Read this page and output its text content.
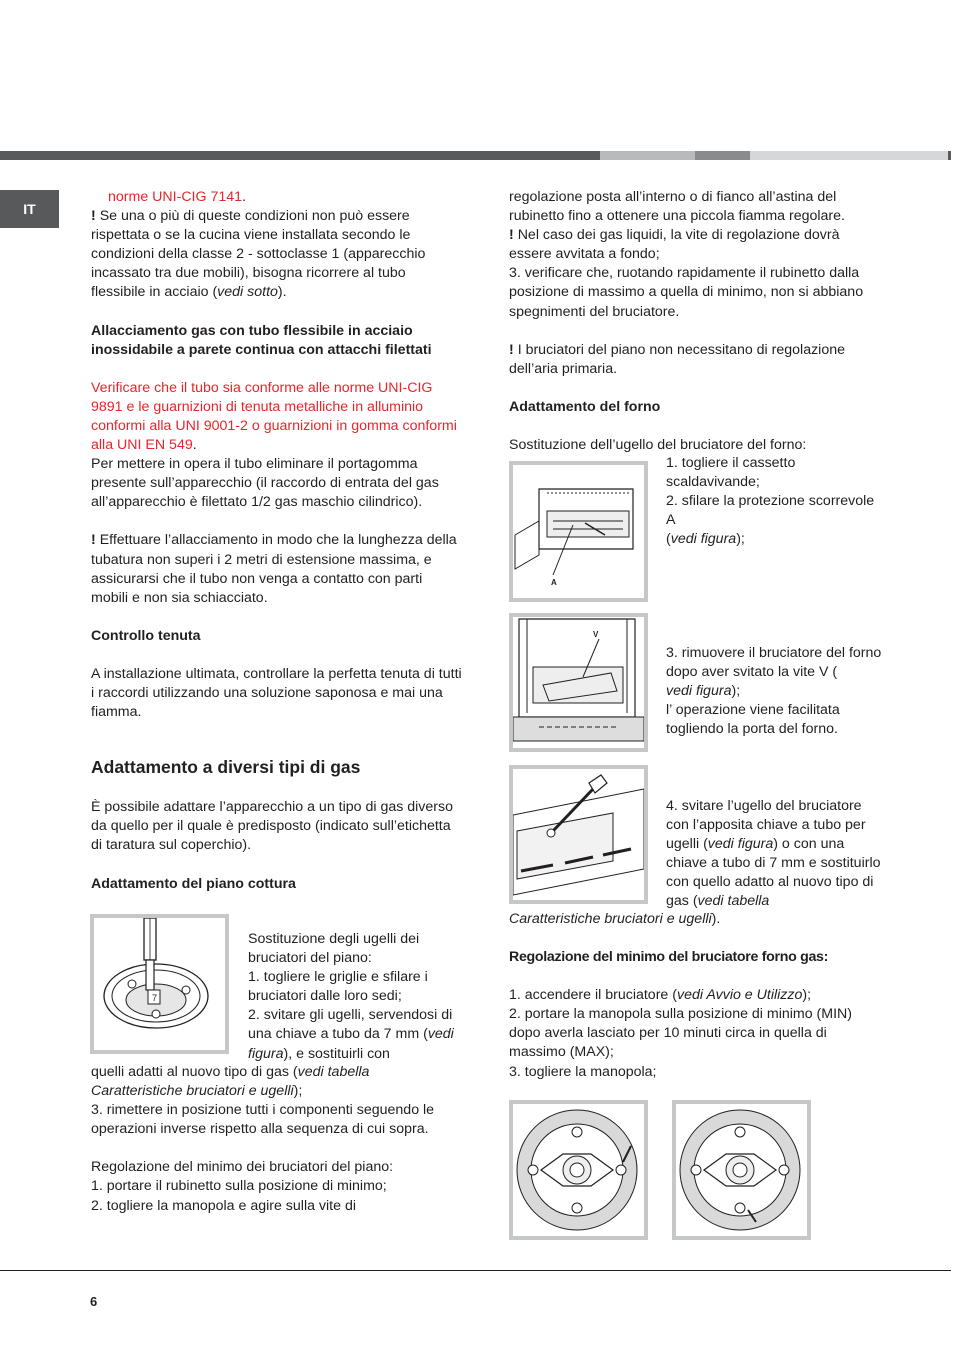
IT

norme UNI-CIG 7141.

! Se una o più di queste condizioni non può essere rispettata o se la cucina viene installata secondo le condizioni della classe 2 - sottoclasse 1 (apparecchio incassato tra due mobili), bisogna ricorrere al tubo flessibile in acciaio (vedi sotto).

Allacciamento gas con tubo flessibile in acciaio inossidabile a parete continua con attacchi filettati

Verificare che il tubo sia conforme alle norme UNI-CIG 9891 e le guarnizioni di tenuta metalliche in alluminio conformi alla UNI 9001-2 o guarnizioni in gomma conformi alla UNI EN 549.

Per mettere in opera il tubo eliminare il portagomma presente sull’apparecchio (il raccordo di entrata del gas all’apparecchio è filettato 1/2 gas maschio cilindrico).

! Effettuare l’allacciamento in modo che la lunghezza della tubatura non superi i 2 metri di estensione massima, e assicurarsi che il tubo non venga a contatto con parti mobili e non sia schiacciato.

Controllo tenuta

A installazione ultimata, controllare la perfetta tenuta di tutti i raccordi utilizzando una soluzione saponosa e mai una fiamma.

Adattamento a diversi tipi di gas

È possibile adattare l’apparecchio a un tipo di gas diverso da quello per il quale è predisposto (indicato sull’etichetta di taratura sul coperchio).

Adattamento del piano cottura

7

Sostituzione degli ugelli dei bruciatori del piano:

1. togliere le griglie e sfilare i bruciatori dalle loro sedi;

2. svitare gli ugelli, servendosi di una chiave a tubo da 7 mm (vedi figura), e sostituirli con

quelli adatti al nuovo tipo di gas (vedi tabella Caratteristiche bruciatori e ugelli);

3. rimettere in posizione tutti i componenti seguendo le operazioni inverse rispetto alla sequenza di cui sopra.

Regolazione del minimo dei bruciatori del piano:

1. portare il rubinetto sulla posizione di minimo;

2. togliere la manopola e agire sulla vite di

regolazione posta all’interno o di fianco all’astina del rubinetto fino a ottenere una piccola fiamma regolare.

! Nel caso dei gas liquidi, la vite di regolazione dovrà essere avvitata a fondo;

3. verificare che, ruotando rapidamente il rubinetto dalla posizione di massimo a quella di minimo, non si abbiano spegnimenti del bruciatore.

! I bruciatori del piano non necessitano di regolazione dell’aria primaria.

Adattamento del forno

Sostituzione dell’ugello del bruciatore del forno:

A

1. togliere il cassetto scaldavivande;

2. sfilare la protezione scorrevole A

(vedi figura);

V

3. rimuovere il bruciatore del forno dopo aver svitato la vite V (

vedi figura);

l’ operazione viene facilitata togliendo la porta del forno.

4. svitare l’ugello del bruciatore con l’apposita chiave a tubo per ugelli (vedi figura) o con una chiave a tubo di 7 mm e sostituirlo con quello adatto al nuovo tipo di gas (vedi tabella

Caratteristiche bruciatori e ugelli).

Regolazione del minimo del bruciatore forno gas:

1. accendere il bruciatore (vedi Avvio e Utilizzo);

2. portare la manopola sulla posizione di minimo (MIN) dopo averla lasciato per 10 minuti circa in quella di massimo (MAX);

3. togliere la manopola;

6
